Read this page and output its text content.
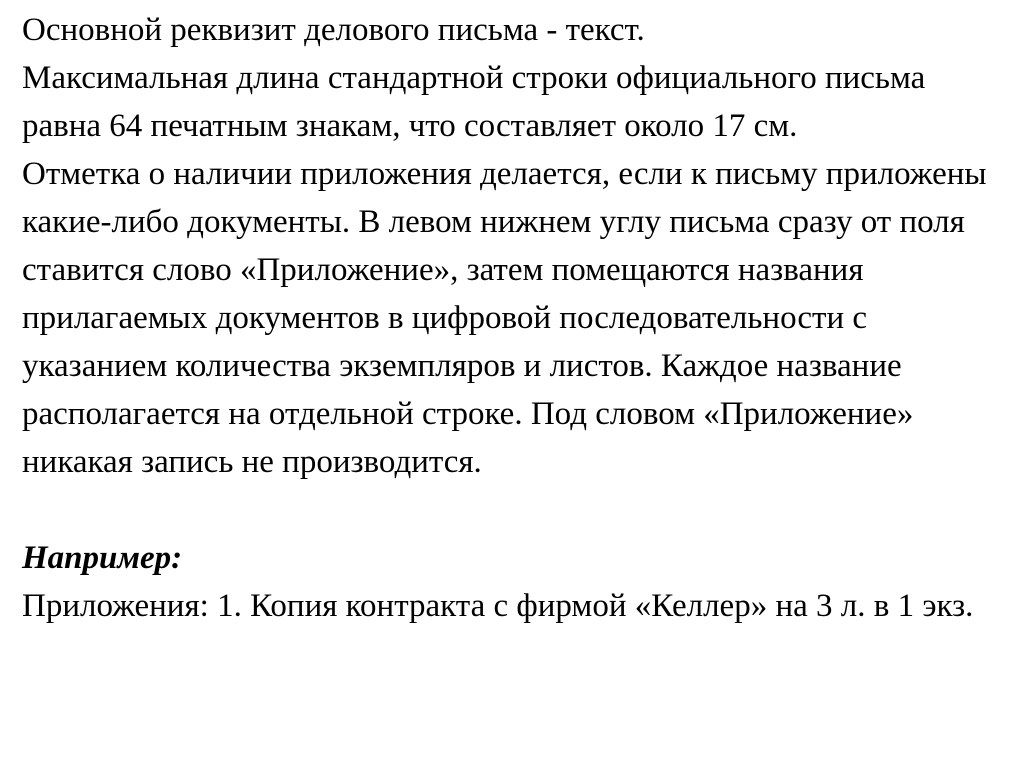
Основной реквизит делового письма - текст.

Максимальная длина стандартной строки официального письма равна 64 печатным знакам, что составляет около 17 см.

Отметка о наличии приложения делается, если к письму приложены какие-либо документы. В левом нижнем углу письма сразу от поля ставится слово «Приложение», затем помещаются названия прилагаемых документов в цифровой последовательности с указанием количества экземпляров и листов. Каждое название располагается на отдельной строке. Под словом «Приложение» никакая запись не производится.

Например:

Приложения: 1. Копия контракта с фирмой «Келлер» на 3 л. в 1 экз.
